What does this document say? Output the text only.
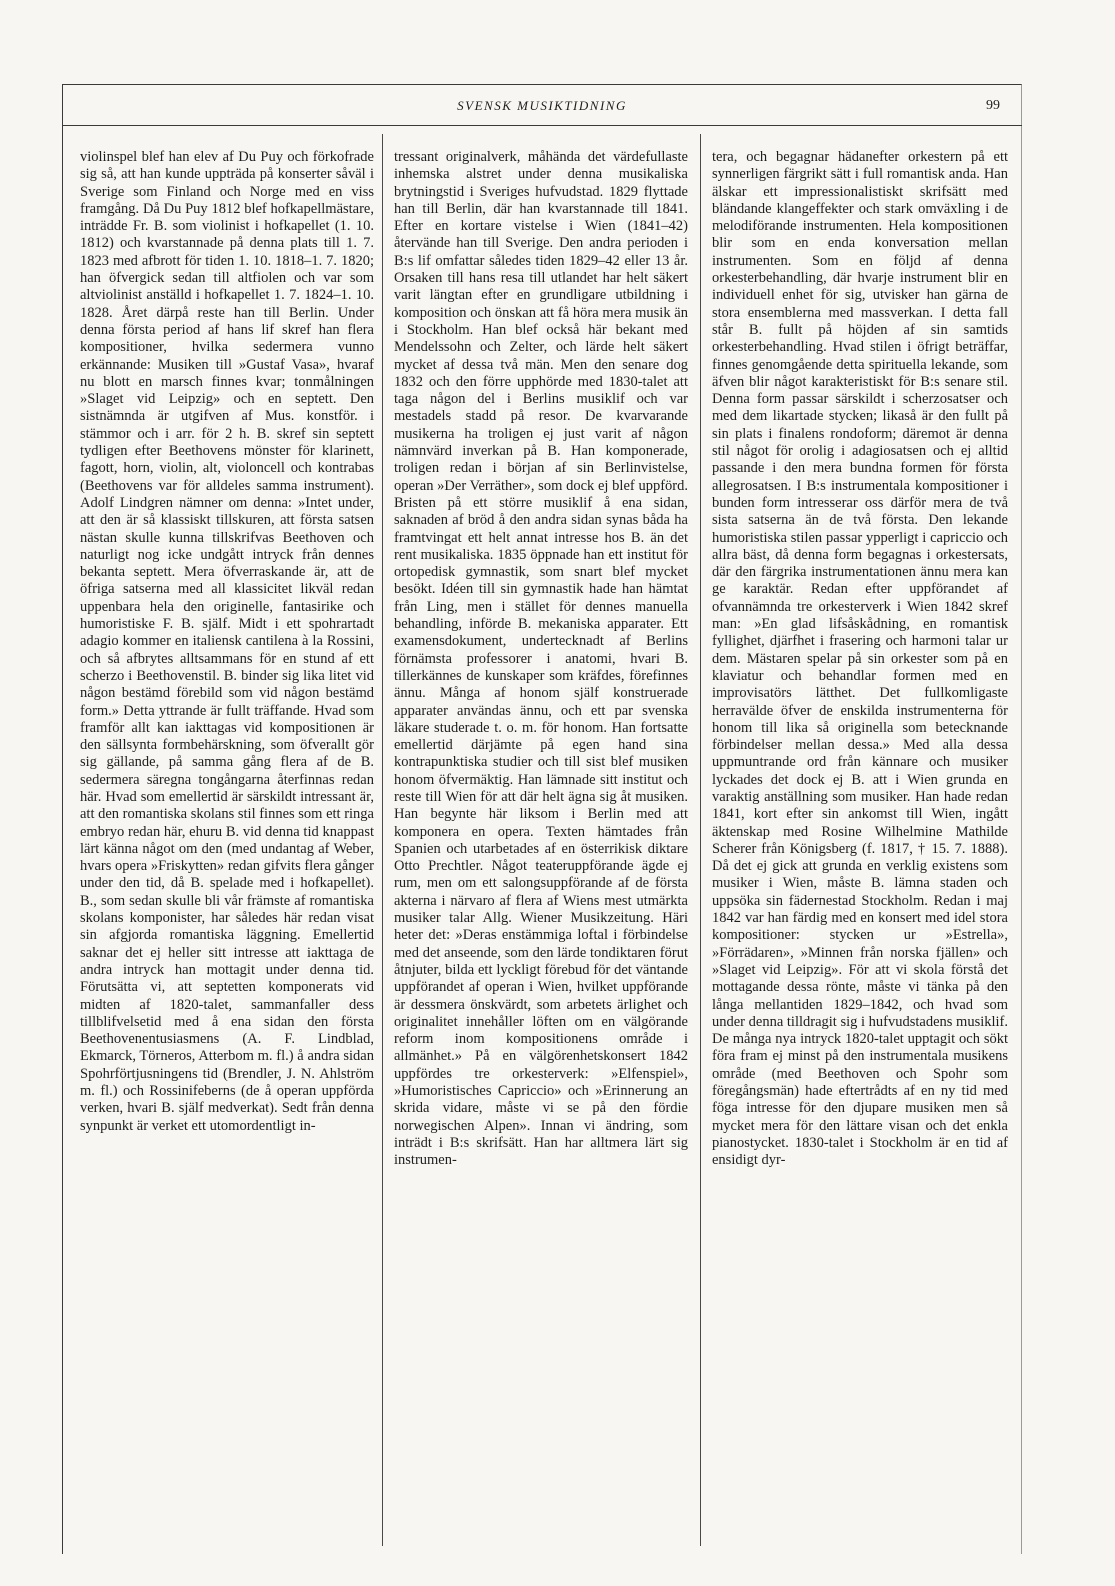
SVENSK MUSIKTIDNING	99

violinspel blef han elev af Du Puy och förkofrade sig så, att han kunde uppträda på konserter såväl i Sverige som Finland och Norge med en viss framgång. Då Du Puy 1812 blef hofkapellmästare, inträdde Fr. B. som violinist i hofkapellet (1. 10. 1812) och kvarstannade på denna plats till 1. 7. 1823 med afbrott för tiden 1. 10. 1818–1. 7. 1820; han öfvergick sedan till altfiolen och var som altviolinist anställd i hofkapellet 1. 7. 1824–1. 10. 1828. Året därpå reste han till Berlin. Under denna första period af hans lif skref han flera kompositioner, hvilka sedermera vunno erkännande: Musiken till »Gustaf Vasa», hvaraf nu blott en marsch finnes kvar; tonmålningen »Slaget vid Leipzig» och en septett. Den sistnämnda är utgifven af Mus. konstför. i stämmor och i arr. för 2 h. B. skref sin septett tydligen efter Beethovens mönster för klarinett, fagott, horn, violin, alt, violoncell och kontrabas (Beethovens var för alldeles samma instrument). Adolf Lindgren nämner om denna: »Intet under, att den är så klassiskt tillskuren, att första satsen nästan skulle kunna tillskrifvas Beethoven och naturligt nog icke undgått intryck från dennes bekanta septett. Mera öfverraskande är, att de öfriga satserna med all klassicitet likväl redan uppenbara hela den originelle, fantasirike och humoristiske F. B. själf. Midt i ett spohrartadt adagio kommer en italiensk cantilena à la Rossini, och så afbrytes alltsammans för en stund af ett scherzo i Beethovenstil. B. binder sig lika litet vid någon bestämd förebild som vid någon bestämd form.» Detta yttrande är fullt träffande. Hvad som framför allt kan iakttagas vid kompositionen är den sällsynta formbehärskning, som öfverallt gör sig gällande, på samma gång flera af de B. sedermera säregna tongångarna återfinnas redan här. Hvad som emellertid är särskildt intressant är, att den romantiska skolans stil finnes som ett ringa embryo redan här, ehuru B. vid denna tid knappast lärt känna något om den (med undantag af Weber, hvars opera »Friskytten» redan gifvits flera gånger under den tid, då B. spelade med i hofkapellet). B., som sedan skulle bli vår främste af romantiska skolans komponister, har således här redan visat sin afgjorda romantiska läggning. Emellertid saknar det ej heller sitt intresse att iakttaga de andra intryck han mottagit under denna tid. Förutsätta vi, att septetten komponerats vid midten af 1820-talet, sammanfaller dess tillblifvelsetid med å ena sidan den första Beethovenentusiasmens (A. F. Lindblad, Ekmarck, Törneros, Atterbom m. fl.) å andra sidan Spohrförtjusningens tid (Brendler, J. N. Ahlström m. fl.) och Rossinifeberns (de å operan uppförda verken, hvari B. själf medverkat). Sedt från denna synpunkt är verket ett utomordentligt in-

tressant originalverk, måhända det värdefullaste inhemska alstret under denna musikaliska brytningstid i Sveriges hufvudstad. 1829 flyttade han till Berlin, där han kvarstannade till 1841. Efter en kortare vistelse i Wien (1841–42) återvände han till Sverige. Den andra perioden i B:s lif omfattar således tiden 1829–42 eller 13 år. Orsaken till hans resa till utlandet har helt säkert varit längtan efter en grundligare utbildning i komposition och önskan att få höra mera musik än i Stockholm. Han blef också här bekant med Mendelssohn och Zelter, och lärde helt säkert mycket af dessa två män. Men den senare dog 1832 och den förre upphörde med 1830-talet att taga någon del i Berlins musiklif och var mestadels stadd på resor. De kvarvarande musikerna ha troligen ej just varit af någon nämnvärd inverkan på B. Han komponerade, troligen redan i början af sin Berlinvistelse, operan »Der Verräther», som dock ej blef uppförd. Bristen på ett större musiklif å ena sidan, saknaden af bröd å den andra sidan synas båda ha framtvingat ett helt annat intresse hos B. än det rent musikaliska. 1835 öppnade han ett institut för ortopedisk gymnastik, som snart blef mycket besökt. Idéen till sin gymnastik hade han hämtat från Ling, men i stället för dennes manuella behandling, införde B. mekaniska apparater. Ett examensdokument, undertecknadt af Berlins förnämsta professorer i anatomi, hvari B. tillerkännes de kunskaper som kräfdes, förefinnes ännu. Många af honom själf konstruerade apparater användas ännu, och ett par svenska läkare studerade t. o. m. för honom. Han fortsatte emellertid därjämte på egen hand sina kontrapunktiska studier och till sist blef musiken honom öfvermäktig. Han lämnade sitt institut och reste till Wien för att där helt ägna sig åt musiken. Han begynte här liksom i Berlin med att komponera en opera. Texten hämtades från Spanien och utarbetades af en österrikisk diktare Otto Prechtler. Något teateruppförande ägde ej rum, men om ett salongsuppförande af de första akterna i närvaro af flera af Wiens mest utmärkta musiker talar Allg. Wiener Musikzeitung. Häri heter det: »Deras enstämmiga loftal i förbindelse med det anseende, som den lärde tondiktaren förut åtnjuter, bilda ett lyckligt förebud för det väntande uppförandet af operan i Wien, hvilket uppförande är dessmera önskvärdt, som arbetets ärlighet och originalitet innehåller löften om en välgörande reform inom kompositionens område i allmänhet.» På en välgörenhetskonsert 1842 uppfördes tre orkesterverk: »Elfenspiel», »Humoristisches Capriccio» och »Erinnerung an skrida vidare, måste vi se på den fördie norwegischen Alpen». Innan vi ändring, som inträdt i B:s skrifsätt. Han har alltmera lärt sig instrumen-

tera, och begagnar hädanefter orkestern på ett synnerligen färgrikt sätt i full romantisk anda. Han älskar ett impressionalistiskt skrifsätt med bländande klangeffekter och stark omväxling i de melodiförande instrumenten. Hela kompositionen blir som en enda konversation mellan instrumenten. Som en följd af denna orkesterbehandling, där hvarje instrument blir en individuell enhet för sig, utvisker han gärna de stora ensemblerna med massverkan. I detta fall står B. fullt på höjden af sin samtids orkesterbehandling. Hvad stilen i öfrigt beträffar, finnes genomgående detta spirituella lekande, som äfven blir något karakteristiskt för B:s senare stil. Denna form passar särskildt i scherzosatser och med dem likartade stycken; likaså är den fullt på sin plats i finalens rondoform; däremot är denna stil något för orolig i adagiosatsen och ej alltid passande i den mera bundna formen för första allegrosatsen. I B:s instrumentala kompositioner i bunden form intresserar oss därför mera de två sista satserna än de två första. Den lekande humoristiska stilen passar ypperligt i capriccio och allra bäst, då denna form begagnas i orkestersats, där den färgrika instrumentationen ännu mera kan ge karaktär. Redan efter uppförandet af ofvannämnda tre orkesterverk i Wien 1842 skref man: »En glad lifsåskådning, en romantisk fyllighet, djärfhet i frasering och harmoni talar ur dem. Mästaren spelar på sin orkester som på en klaviatur och behandlar formen med en improvisatörs lätthet. Det fullkomligaste herravälde öfver de enskilda instrumenterna för honom till lika så originella som betecknande förbindelser mellan dessa.» Med alla dessa uppmuntrande ord från kännare och musiker lyckades det dock ej B. att i Wien grunda en varaktig anställning som musiker. Han hade redan 1841, kort efter sin ankomst till Wien, ingått äktenskap med Rosine Wilhelmine Mathilde Scherer från Königsberg (f. 1817, † 15. 7. 1888). Då det ej gick att grunda en verklig existens som musiker i Wien, måste B. lämna staden och uppsöka sin fädernestad Stockholm. Redan i maj 1842 var han färdig med en konsert med idel stora kompositioner: stycken ur »Estrella», »Förrädaren», »Minnen från norska fjällen» och »Slaget vid Leipzig». För att vi skola förstå det mottagande dessa röntе, måste vi tänka på den långa mellantiden 1829–1842, och hvad som under denna tilldragit sig i hufvudstadens musiklif. De många nya intryck 1820-talet upptagit och sökt föra fram ej minst på den instrumentala musikens område (med Beethoven och Spohr som föregångsmän) hade eftertrådts af en ny tid med föga intresse för den djupare musiken men så mycket mera för den lättare visan och det enkla pianostycket. 1830-talet i Stockholm är en tid af ensidigt dyr-
